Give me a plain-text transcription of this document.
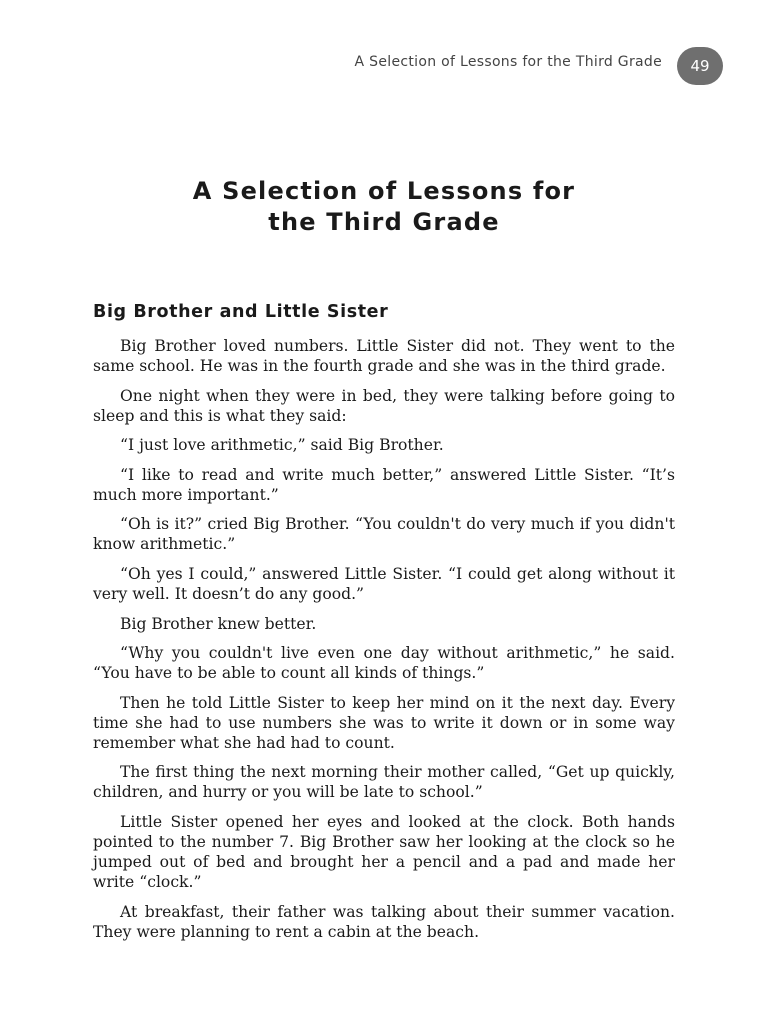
A Selection of Lessons for the Third Grade	49
A Selection of Lessons for
the Third Grade
Big Brother and Little Sister

Big Brother loved numbers. Little Sister did not. They went to the same school. He was in the fourth grade and she was in the third grade.

One night when they were in bed, they were talking before going to sleep and this is what they said:

“I just love arithmetic,” said Big Brother.

“I like to read and write much better,” answered Little Sister. “It’s much more important.”

“Oh is it?” cried Big Brother. “You couldn't do very much if you didn't know arithmetic.”

“Oh yes I could,” answered Little Sister. “I could get along without it very well. It doesn’t do any good.”

Big Brother knew better.

“Why you couldn't live even one day without arithmetic,” he said. “You have to be able to count all kinds of things.”

Then he told Little Sister to keep her mind on it the next day. Every time she had to use numbers she was to write it down or in some way remember what she had had to count.

The first thing the next morning their mother called, “Get up quickly, children, and hurry or you will be late to school.”

Little Sister opened her eyes and looked at the clock. Both hands pointed to the number 7. Big Brother saw her looking at the clock so he jumped out of bed and brought her a pencil and a pad and made her write “clock.”

At breakfast, their father was talking about their summer vacation. They were planning to rent a cabin at the beach.
